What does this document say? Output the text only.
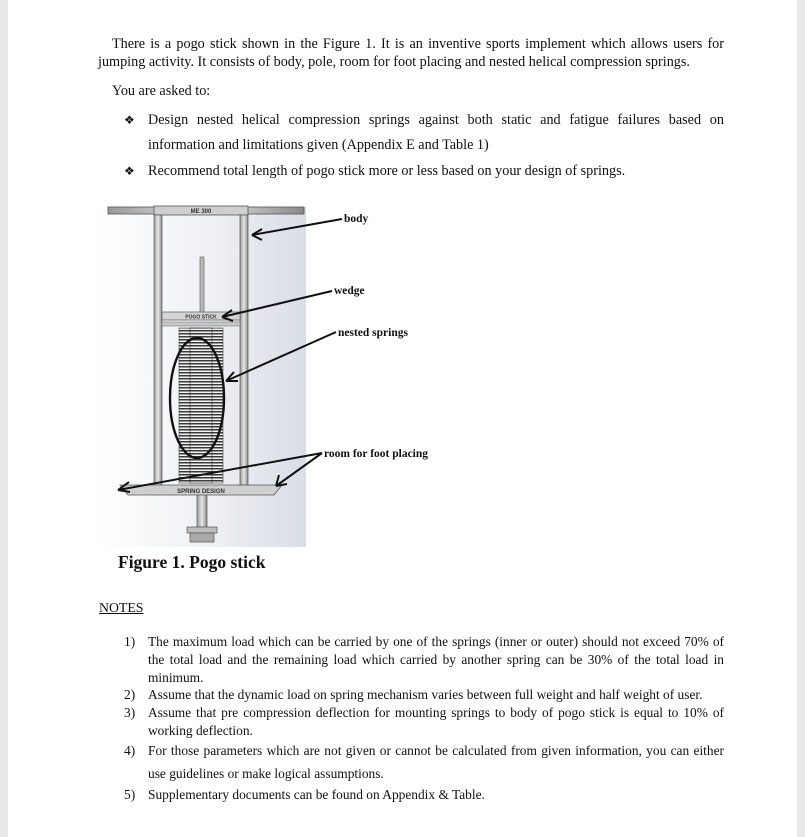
There is a pogo stick shown in the Figure 1. It is an inventive sports implement which allows users for jumping activity. It consists of body, pole, room for foot placing and nested helical compression springs.

You are asked to:

❖ Design nested helical compression springs against both static and fatigue failures based on information and limitations given (Appendix E and Table 1)
❖ Recommend total length of pogo stick more or less based on your design of springs.
ME 300
POGO STICK
SPRING DESIGN
body
wedge
nested springs
room for foot placing
Figure 1. Pogo stick
NOTES
1) The maximum load which can be carried by one of the springs (inner or outer) should not exceed 70% of the total load and the remaining load which carried by another spring can be 30% of the total load in minimum.
2) Assume that the dynamic load on spring mechanism varies between full weight and half weight of user.
3) Assume that pre compression deflection for mounting springs to body of pogo stick is equal to 10% of working deflection.
4) For those parameters which are not given or cannot be calculated from given information, you can either use guidelines or make logical assumptions.
5) Supplementary documents can be found on Appendix & Table.
